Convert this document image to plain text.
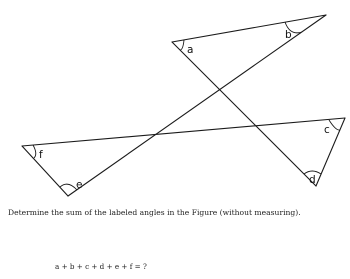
a
b
c
d
e
f

Determine the sum of the labeled angles in the Figure (without measuring).

a + b + c + d + e + f = ?
